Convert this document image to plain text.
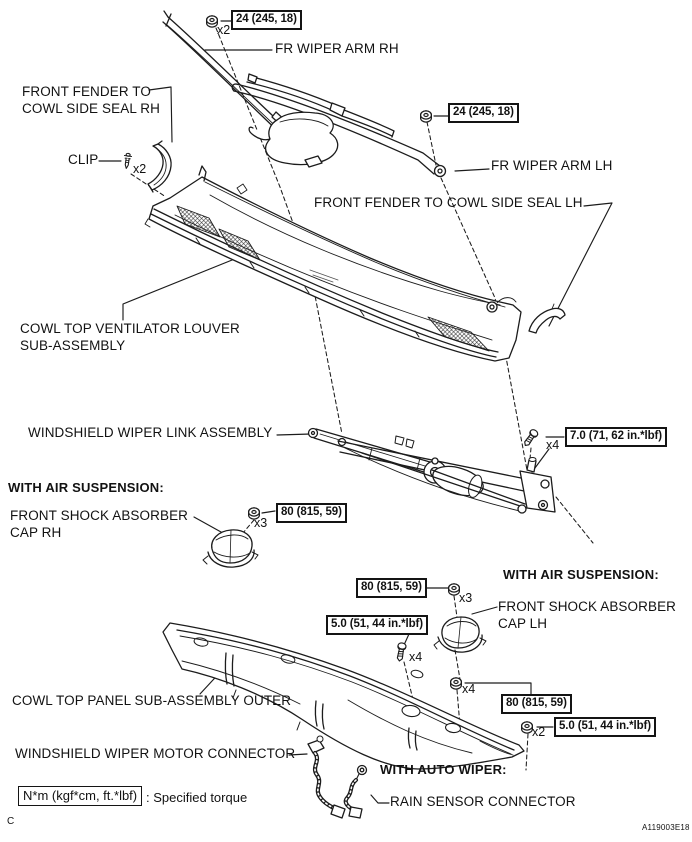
24 (245, 18)
24 (245, 18)
7.0 (71, 62 in.*lbf)
80 (815, 59)
80 (815, 59)
5.0 (51, 44 in.*lbf)
80 (815, 59)
5.0 (51, 44 in.*lbf)
x2
x2
x4
x3
x3
x4
x4
x2
FR WIPER ARM RH
FRONT FENDER TO
COWL SIDE SEAL RH
CLIP	FR WIPER ARM LH
FRONT FENDER TO COWL SIDE SEAL LH
COWL TOP VENTILATOR LOUVER
SUB-ASSEMBLY
WINDSHIELD WIPER LINK ASSEMBLY
WITH AIR SUSPENSION:
FRONT SHOCK ABSORBER
CAP RH
WITH AIR SUSPENSION:
FRONT SHOCK ABSORBER
CAP LH
COWL TOP PANEL SUB-ASSEMBLY OUTER
WINDSHIELD WIPER MOTOR CONNECTOR
WITH AUTO WIPER:
RAIN SENSOR CONNECTOR
N*m (kgf*cm, ft.*lbf) : Specified torque
C
A119003E18
